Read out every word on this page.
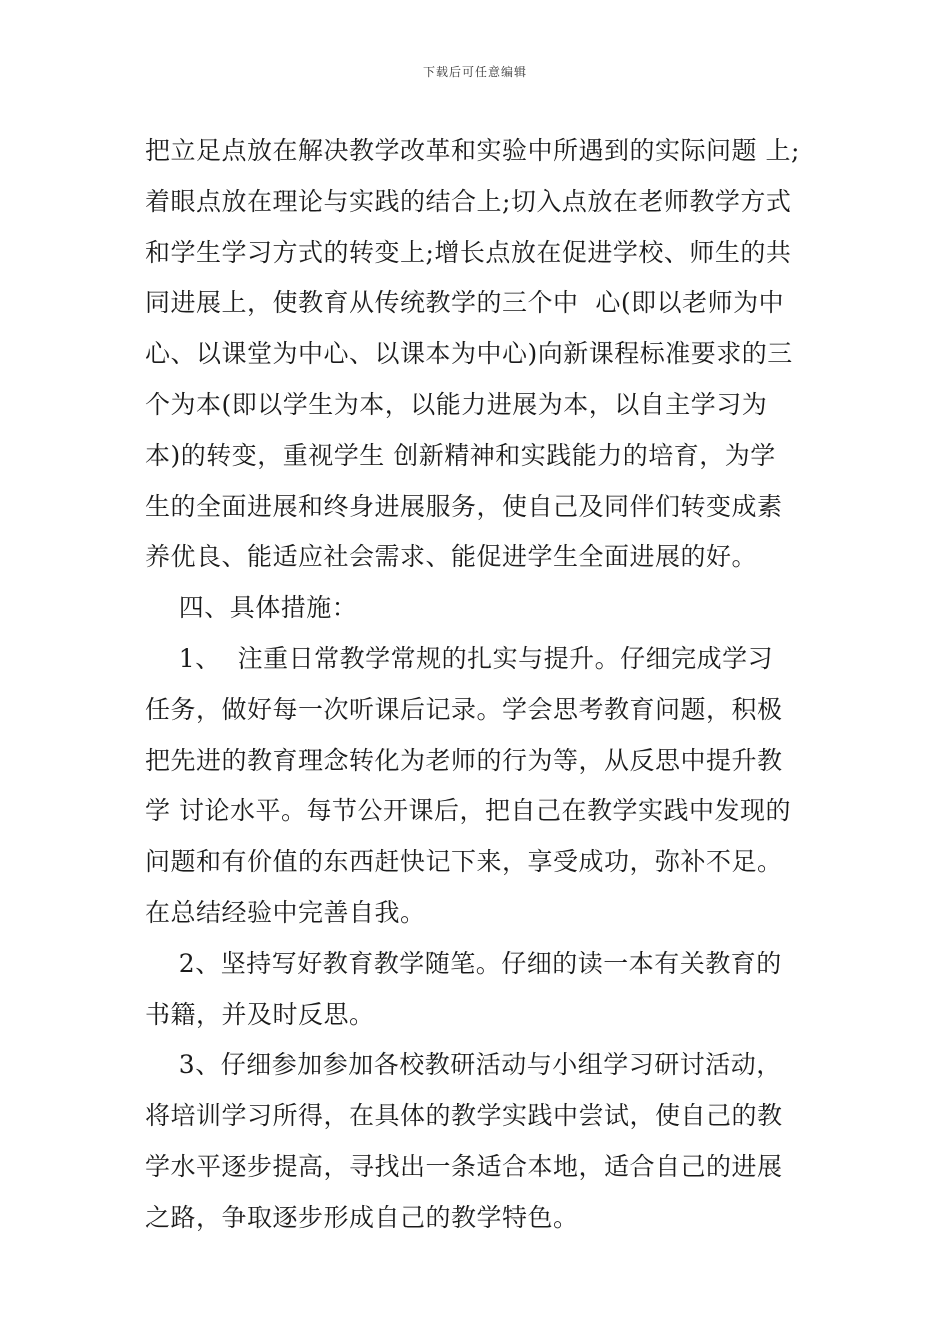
下载后可任意编辑
把立足点放在解决教学改革和实验中所遇到的实际问题 上;
着眼点放在理论与实践的结合上;切入点放在老师教学方式
和学生学习方式的转变上;增长点放在促进学校、师生的共
同进展上，使教育从传统教学的三个中  心(即以老师为中
心、以课堂为中心、以课本为中心)向新课程标准要求的三
个为本(即以学生为本，以能力进展为本，以自主学习为
本)的转变，重视学生 创新精神和实践能力的培育，为学
生的全面进展和终身进展服务，使自己及同伴们转变成素
养优良、能适应社会需求、能促进学生全面进展的好。
四、具体措施：
1、  注重日常教学常规的扎实与提升。仔细完成学习
任务，做好每一次听课后记录。学会思考教育问题，积极
把先进的教育理念转化为老师的行为等，从反思中提升教
学 讨论水平。每节公开课后，把自己在教学实践中发现的
问题和有价值的东西赶快记下来，享受成功，弥补不足。
在总结经验中完善自我。
2、坚持写好教育教学随笔。仔细的读一本有关教育的
书籍，并及时反思。
3、仔细参加参加各校教研活动与小组学习研讨活动，
将培训学习所得，在具体的教学实践中尝试，使自己的教
学水平逐步提高，寻找出一条适合本地，适合自己的进展
之路，争取逐步形成自己的教学特色。
